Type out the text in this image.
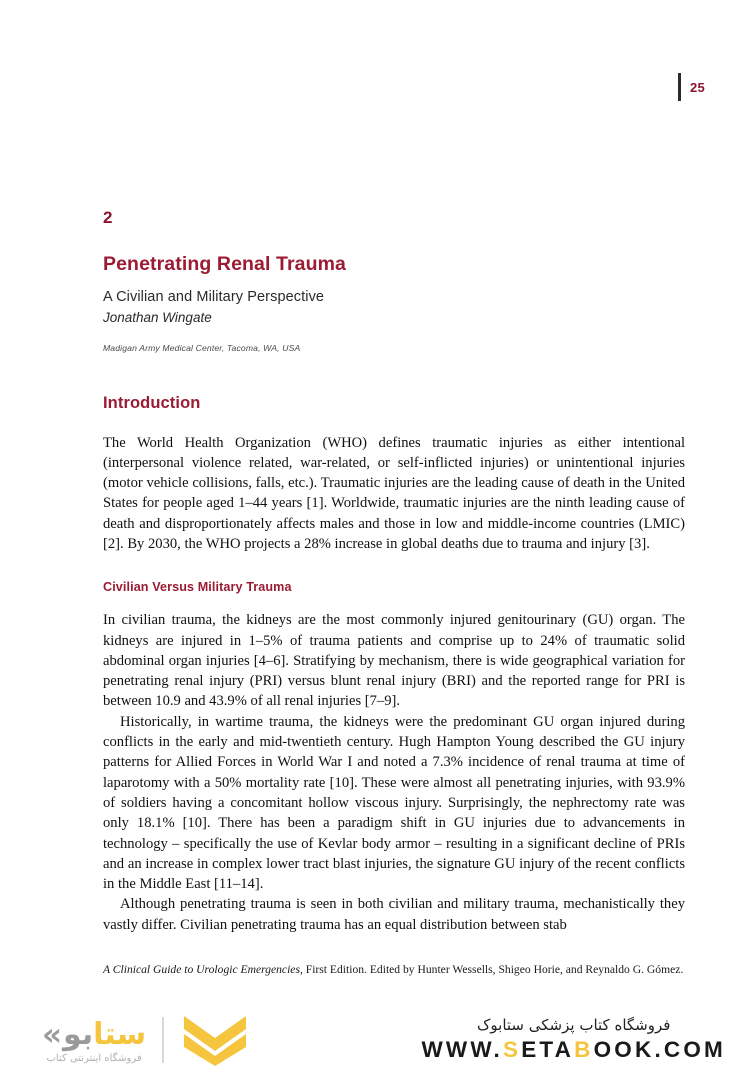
25
2
Penetrating Renal Trauma
A Civilian and Military Perspective
Jonathan Wingate
Madigan Army Medical Center, Tacoma, WA, USA
Introduction

The World Health Organization (WHO) defines traumatic injuries as either intentional (interpersonal violence related, war-related, or self-inflicted injuries) or unintentional injuries (motor vehicle collisions, falls, etc.). Traumatic injuries are the leading cause of death in the United States for people aged 1–44 years [1]. Worldwide, traumatic injuries are the ninth leading cause of death and disproportionately affects males and those in low and middle-income countries (LMIC) [2]. By 2030, the WHO projects a 28% increase in global deaths due to trauma and injury [3].

Civilian Versus Military Trauma

In civilian trauma, the kidneys are the most commonly injured genitourinary (GU) organ. The kidneys are injured in 1–5% of trauma patients and comprise up to 24% of traumatic solid abdominal organ injuries [4–6]. Stratifying by mechanism, there is wide geographical variation for penetrating renal injury (PRI) versus blunt renal injury (BRI) and the reported range for PRI is between 10.9 and 43.9% of all renal injuries [7–9].

Historically, in wartime trauma, the kidneys were the predominant GU organ injured during conflicts in the early and mid-twentieth century. Hugh Hampton Young described the GU injury patterns for Allied Forces in World War I and noted a 7.3% incidence of renal trauma at time of laparotomy with a 50% mortality rate [10]. These were almost all penetrating injuries, with 93.9% of soldiers having a concomitant hollow viscous injury. Surprisingly, the nephrectomy rate was only 18.1% [10]. There has been a paradigm shift in GU injuries due to advancements in technology – specifically the use of Kevlar body armor – resulting in a significant decline of PRIs and an increase in complex lower tract blast injuries, the signature GU injury of the recent conflicts in the Middle East [11–14].

Although penetrating trauma is seen in both civilian and military trauma, mechanistically they vastly differ. Civilian penetrating trauma has an equal distribution between stab

A Clinical Guide to Urologic Emergencies, First Edition. Edited by Hunter Wessells, Shigeo Horie, and Reynaldo G. Gómez.
«	ستابو
فروشگاه اینترنتی کتاب
فروشگاه کتاب پزشکی ستابوک
WWW.SETABOOK.COM
